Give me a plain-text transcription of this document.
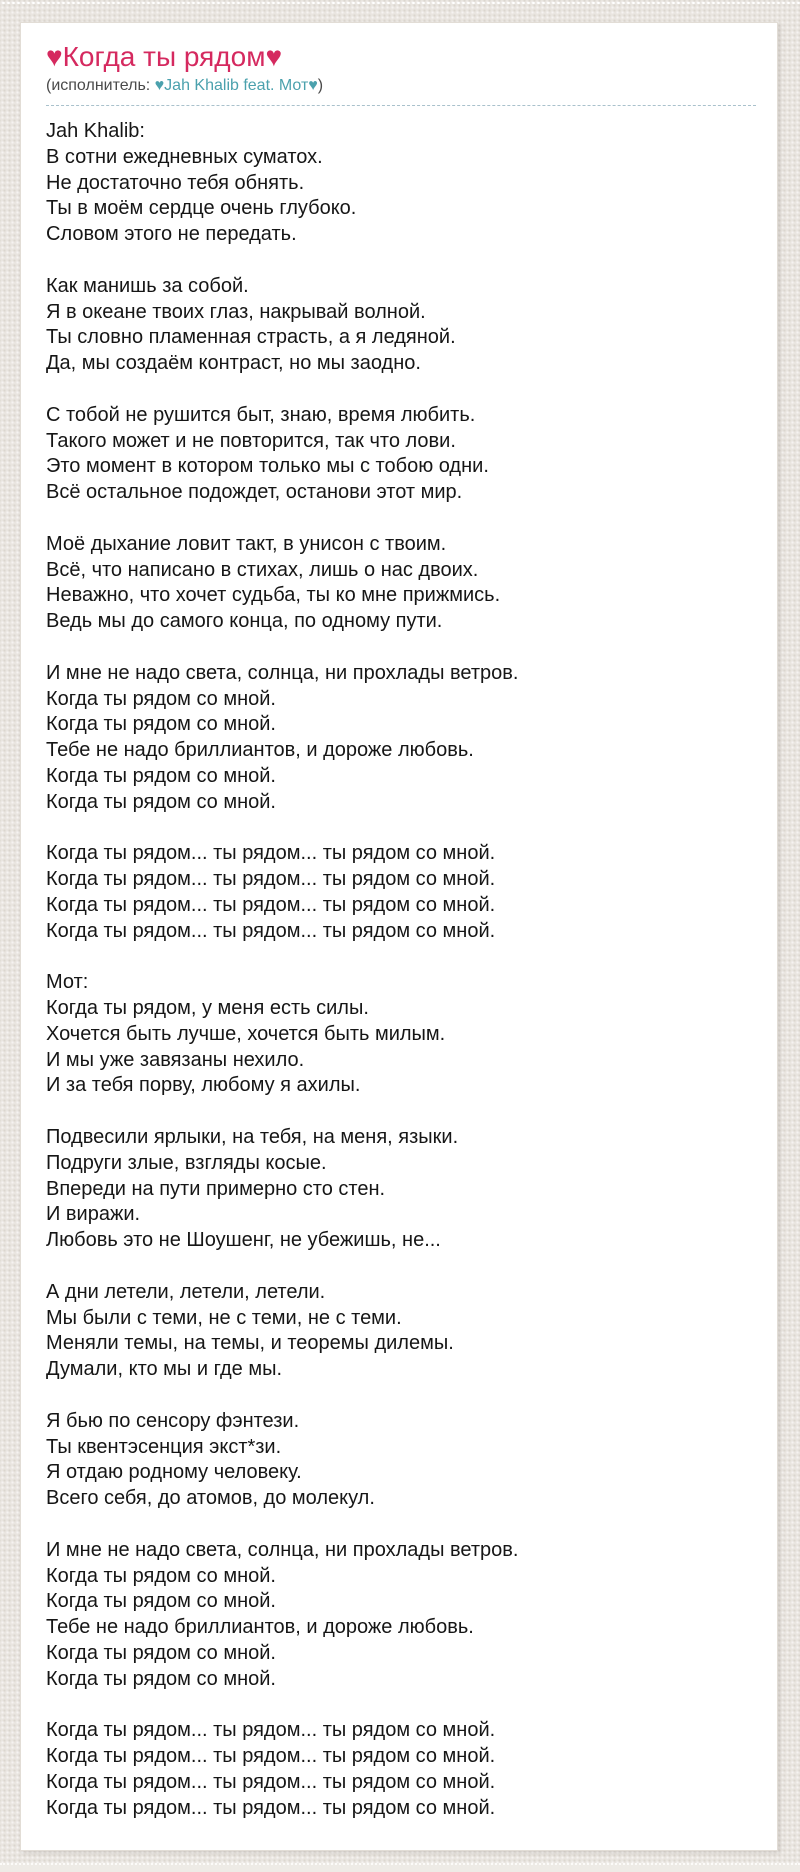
♥Когда ты рядом♥
(исполнитель: ♥Jah Khalib feat. Мот♥)

Jah Khalib:
В сотни ежедневных суматох.
Не достаточно тебя обнять.
Ты в моём сердце очень глубоко.
Словом этого не передать.

Как манишь за собой.
Я в океане твоих глаз, накрывай волной.
Ты словно пламенная страсть, а я ледяной.
Да, мы создаём контраст, но мы заодно.

С тобой не рушится быт, знаю, время любить.
Такого может и не повторится, так что лови.
Это момент в котором только мы с тобою одни.
Всё остальное подождет, останови этот мир.

Моё дыхание ловит такт, в унисон с твоим.
Всё, что написано в стихах, лишь о нас двоих.
Неважно, что хочет судьба, ты ко мне прижмись.
Ведь мы до самого конца, по одному пути.

И мне не надо света, солнца, ни прохлады ветров.
Когда ты рядом со мной.
Когда ты рядом со мной.
Тебе не надо бриллиантов, и дороже любовь.
Когда ты рядом со мной.
Когда ты рядом со мной.

Когда ты рядом... ты рядом... ты рядом со мной.
Когда ты рядом... ты рядом... ты рядом со мной.
Когда ты рядом... ты рядом... ты рядом со мной.
Когда ты рядом... ты рядом... ты рядом со мной.

Мот:
Когда ты рядом, у меня есть силы.
Хочется быть лучше, хочется быть милым.
И мы уже завязаны нехило.
И за тебя порву, любому я ахилы.

Подвесили ярлыки, на тебя, на меня, языки.
Подруги злые, взгляды косые.
Впереди на пути примерно сто стен.
И виражи.
Любовь это не Шоушенг, не убежишь, не...

А дни летели, летели, летели.
Мы были с теми, не с теми, не с теми.
Меняли темы, на темы, и теоремы дилемы.
Думали, кто мы и где мы.

Я бью по сенсору фэнтези.
Ты квентэсенция экст*зи.
Я отдаю родному человеку.
Всего себя, до атомов, до молекул.

И мне не надо света, солнца, ни прохлады ветров.
Когда ты рядом со мной.
Когда ты рядом со мной.
Тебе не надо бриллиантов, и дороже любовь.
Когда ты рядом со мной.
Когда ты рядом со мной.

Когда ты рядом... ты рядом... ты рядом со мной.
Когда ты рядом... ты рядом... ты рядом со мной.
Когда ты рядом... ты рядом... ты рядом со мной.
Когда ты рядом... ты рядом... ты рядом со мной.
